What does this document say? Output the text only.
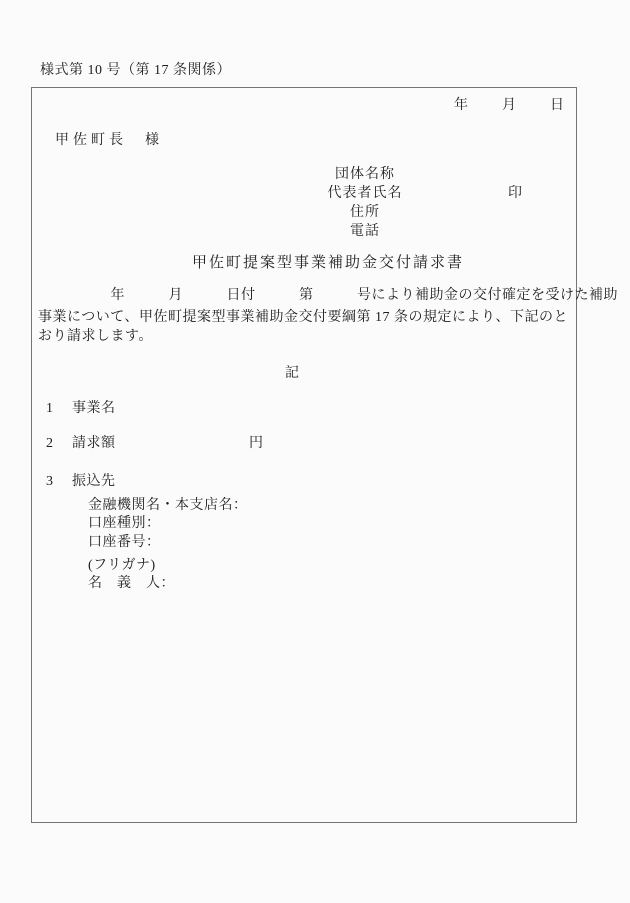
様式第 10 号（第 17 条関係）
年　　月　　日
甲佐町長　様
団体名称
代表者氏名
住所
電話
印
甲佐町提案型事業補助金交付請求書
　　　　　年　　　月　　　日付　　　第　　　号により補助金の交付確定を受けた補助
事業について、甲佐町提案型事業補助金交付要綱第 17 条の規定により、下記のと
おり請求します。
記
1 事業名
2 請求額	円
3 振込先
金融機関名・本支店名：
口座種別：
口座番号：
(フリガナ)
名　義　人：
